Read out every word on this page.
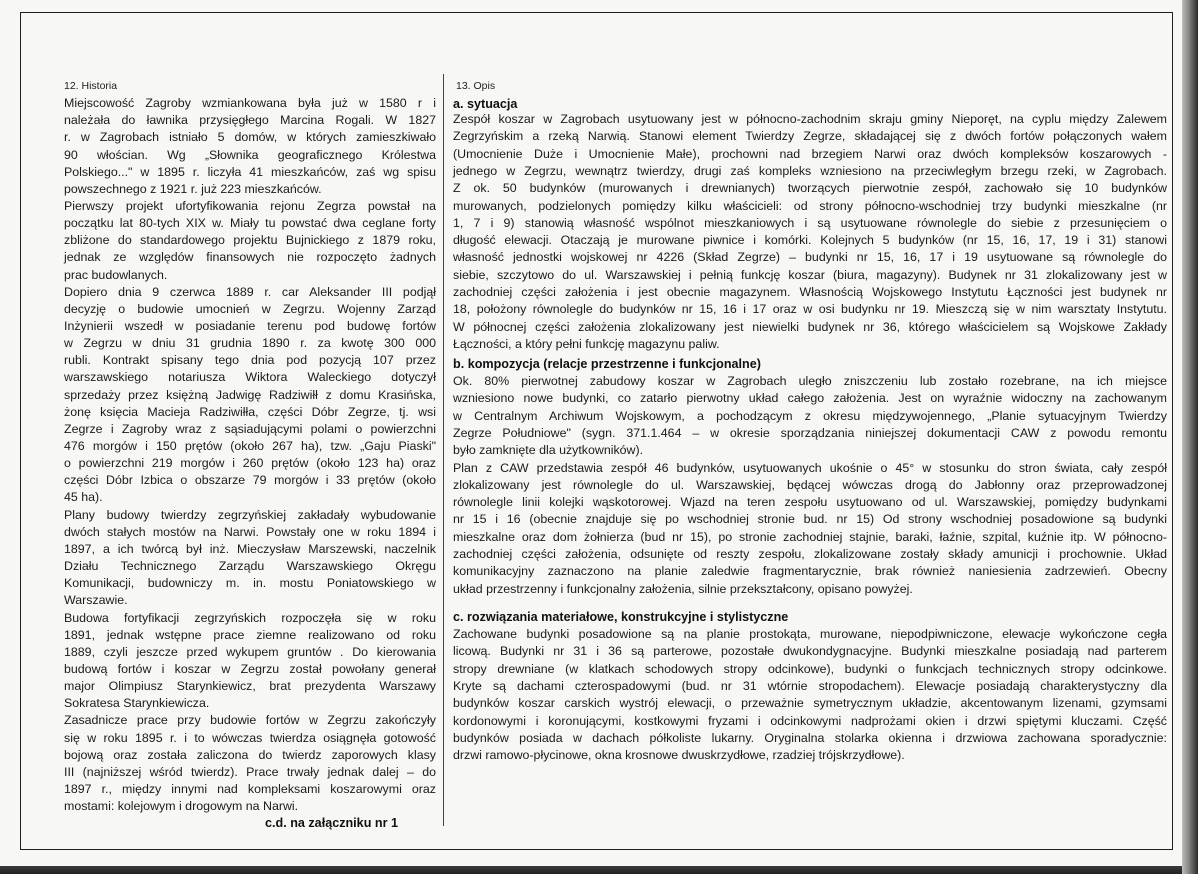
12. Historia	13. Opis
Miejscowość Zagroby wzmiankowana była już w 1580 r i
należała do ławnika przysięgłego Marcina Rogali. W 1827
r. w Zagrobach istniało 5 domów, w których zamieszkiwało
90 włościan. Wg „Słownika geograficznego Królestwa
Polskiego..." w 1895 r. liczyła 41 mieszkańców, zaś wg spisu
powszechnego z 1921 r. już 223 mieszkańców.
Pierwszy projekt ufortyfikowania rejonu Zegrza powstał na
początku lat 80-tych XIX w. Miały tu powstać dwa ceglane forty
zbliżone do standardowego projektu Bujnickiego z 1879 roku,
jednak ze względów finansowych nie rozpoczęto żadnych
prac budowlanych.
Dopiero dnia 9 czerwca 1889 r. car Aleksander III podjął
decyzję o budowie umocnień w Zegrzu. Wojenny Zarząd
Inżynierii wszedł w posiadanie terenu pod budowę fortów
w Zegrzu w dniu 31 grudnia 1890 r. za kwotę 300 000
rubli. Kontrakt spisany tego dnia pod pozycją 107 przez
warszawskiego notariusza Wiktora Waleckiego dotyczył
sprzedaży przez księżną Jadwigę Radziwiłł z domu Krasińska,
żonę księcia Macieja Radziwiłła, części Dóbr Zegrze, tj. wsi
Zegrze i Zagroby wraz z sąsiadującymi polami o powierzchni
476 morgów i 150 prętów (około 267 ha), tzw. „Gaju Piaski"
o powierzchni 219 morgów i 260 prętów (około 123 ha) oraz
części Dóbr Izbica o obszarze 79 morgów i 33 prętów (około
45 ha).
Plany budowy twierdzy zegrzyńskiej zakładały wybudowanie
dwóch stałych mostów na Narwi. Powstały one w roku 1894 i
1897, a ich twórcą był inż. Mieczysław Marszewski, naczelnik
Działu Technicznego Zarządu Warszawskiego Okręgu
Komunikacji, budowniczy m. in. mostu Poniatowskiego w
Warszawie.
Budowa fortyfikacji zegrzyńskich rozpoczęła się w roku
1891, jednak wstępne prace ziemne realizowano od roku
1889, czyli jeszcze przed wykupem gruntów . Do kierowania
budową fortów i koszar w Zegrzu został powołany generał
major Olimpiusz Starynkiewicz, brat prezydenta Warszawy
Sokratesa Starynkiewicza.
Zasadnicze prace przy budowie fortów w Zegrzu zakończyły
się w roku 1895 r. i to wówczas twierdza osiągnęła gotowość
bojową oraz została zaliczona do twierdz zaporowych klasy
III (najniższej wśród twierdz). Prace trwały jednak dalej – do
1897 r., między innymi nad kompleksami koszarowymi oraz
mostami: kolejowym i drogowym na Narwi.
a. sytuacja
Zespół koszar w Zagrobach usytuowany jest w północno-zachodnim skraju gminy Nieporęt, na cyplu między Zalewem
Zegrzyńskim a rzeką Narwią. Stanowi element Twierdzy Zegrze, składającej się z dwóch fortów połączonych wałem
(Umocnienie Duże i Umocnienie Małe), prochowni nad brzegiem Narwi oraz dwóch kompleksów koszarowych -
jednego w Zegrzu, wewnątrz twierdzy, drugi zaś kompleks wzniesiono na przeciwległym brzegu rzeki, w Zagrobach.
Z ok. 50 budynków (murowanych i drewnianych) tworzących pierwotnie zespół, zachowało się 10 budynków
murowanych, podzielonych pomiędzy kilku właścicieli: od strony północno-wschodniej trzy budynki mieszkalne (nr
1, 7 i 9) stanowią własność wspólnot mieszkaniowych i są usytuowane równolegle do siebie z przesunięciem o
długość elewacji. Otaczają je murowane piwnice i komórki. Kolejnych 5 budynków (nr 15, 16, 17, 19 i 31) stanowi
własność jednostki wojskowej nr 4226 (Skład Zegrze) – budynki nr 15, 16, 17 i 19 usytuowane są równolegle do
siebie, szczytowo do ul. Warszawskiej i pełnią funkcję koszar (biura, magazyny). Budynek nr 31 zlokalizowany jest w
zachodniej części założenia i jest obecnie magazynem. Własnością Wojskowego Instytutu Łączności jest budynek nr
18, położony równolegle do budynków nr 15, 16 i 17 oraz w osi budynku nr 19. Mieszczą się w nim warsztaty Instytutu.
W północnej części założenia zlokalizowany jest niewielki budynek nr 36, którego właścicielem są Wojskowe Zakłady
Łączności, a który pełni funkcję magazynu paliw.
b. kompozycja (relacje przestrzenne i funkcjonalne)
Ok. 80% pierwotnej zabudowy koszar w Zagrobach uległo zniszczeniu lub zostało rozebrane, na ich miejsce
wzniesiono nowe budynki, co zatarło pierwotny układ całego założenia. Jest on wyraźnie widoczny na zachowanym
w Centralnym Archiwum Wojskowym, a pochodzącym z okresu międzywojennego, „Planie sytuacyjnym Twierdzy
Zegrze Południowe" (sygn. 371.1.464 – w okresie sporządzania niniejszej dokumentacji CAW z powodu remontu
było zamknięte dla użytkowników).
Plan z CAW przedstawia zespół 46 budynków, usytuowanych ukośnie o 45° w stosunku do stron świata, cały zespół
zlokalizowany jest równolegle do ul. Warszawskiej, będącej wówczas drogą do Jabłonny oraz przeprowadzonej
równolegle linii kolejki wąskotorowej. Wjazd na teren zespołu usytuowano od ul. Warszawskiej, pomiędzy budynkami
nr 15 i 16 (obecnie znajduje się po wschodniej stronie bud. nr 15) Od strony wschodniej posadowione są budynki
mieszkalne oraz dom żołnierza (bud nr 15), po stronie zachodniej stajnie, baraki, łaźnie, szpital, kuźnie itp. W północno-
zachodniej części założenia, odsunięte od reszty zespołu, zlokalizowane zostały składy amunicji i prochownie. Układ
komunikacyjny zaznaczono na planie zaledwie fragmentarycznie, brak również naniesienia zadrzewień. Obecny
układ przestrzenny i funkcjonalny założenia, silnie przekształcony, opisano powyżej.
c. rozwiązania materiałowe, konstrukcyjne i stylistyczne
Zachowane budynki posadowione są na planie prostokąta, murowane, niepodpiwniczone, elewacje wykończone cegła
licową. Budynki nr 31 i 36 są parterowe, pozostałe dwukondygnacyjne. Budynki mieszkalne posiadają nad parterem
stropy drewniane (w klatkach schodowych stropy odcinkowe), budynki o funkcjach technicznych stropy odcinkowe.
Kryte są dachami czterospadowymi (bud. nr 31 wtórnie stropodachem). Elewacje posiadają charakterystyczny dla
budynków koszar carskich wystrój elewacji, o przeważnie symetrycznym układzie, akcentowanym lizenami, gzymsami
kordonowymi i koronującymi, kostkowymi fryzami i odcinkowymi nadprożami okien i drzwi spiętymi kluczami. Część
budynków posiada w dachach półkoliste lukarny. Oryginalna stolarka okienna i drzwiowa zachowana sporadycznie:
drzwi ramowo-płycinowe, okna krosnowe dwuskrzydłowe, rzadziej trójskrzydłowe).
c.d. na załączniku nr 1
